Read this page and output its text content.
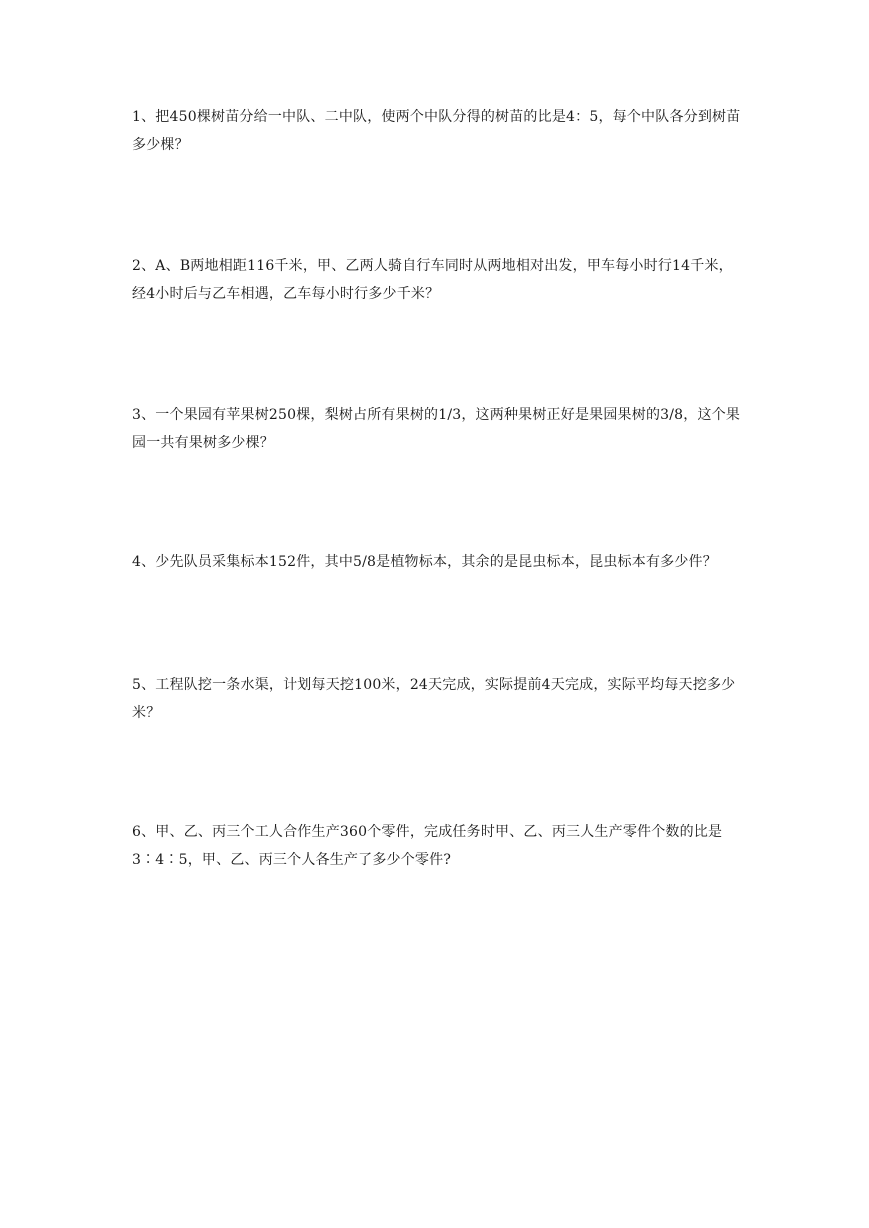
1、把450棵树苗分给一中队、二中队，使两个中队分得的树苗的比是4：5，每个中队各分到树苗多少棵？

2、A、B两地相距116千米，甲、乙两人骑自行车同时从两地相对出发，甲车每小时行14千米，经4小时后与乙车相遇，乙车每小时行多少千米？

3、一个果园有苹果树250棵，梨树占所有果树的1/3，这两种果树正好是果园果树的3/8，这个果园一共有果树多少棵？

4、少先队员采集标本152件，其中5/8是植物标本，其余的是昆虫标本，昆虫标本有多少件？

5、工程队挖一条水渠，计划每天挖100米，24天完成，实际提前4天完成，实际平均每天挖多少米？

6、甲、乙、丙三个工人合作生产360个零件，完成任务时甲、乙、丙三人生产零件个数的比是3∶4∶5，甲、乙、丙三个人各生产了多少个零件?
